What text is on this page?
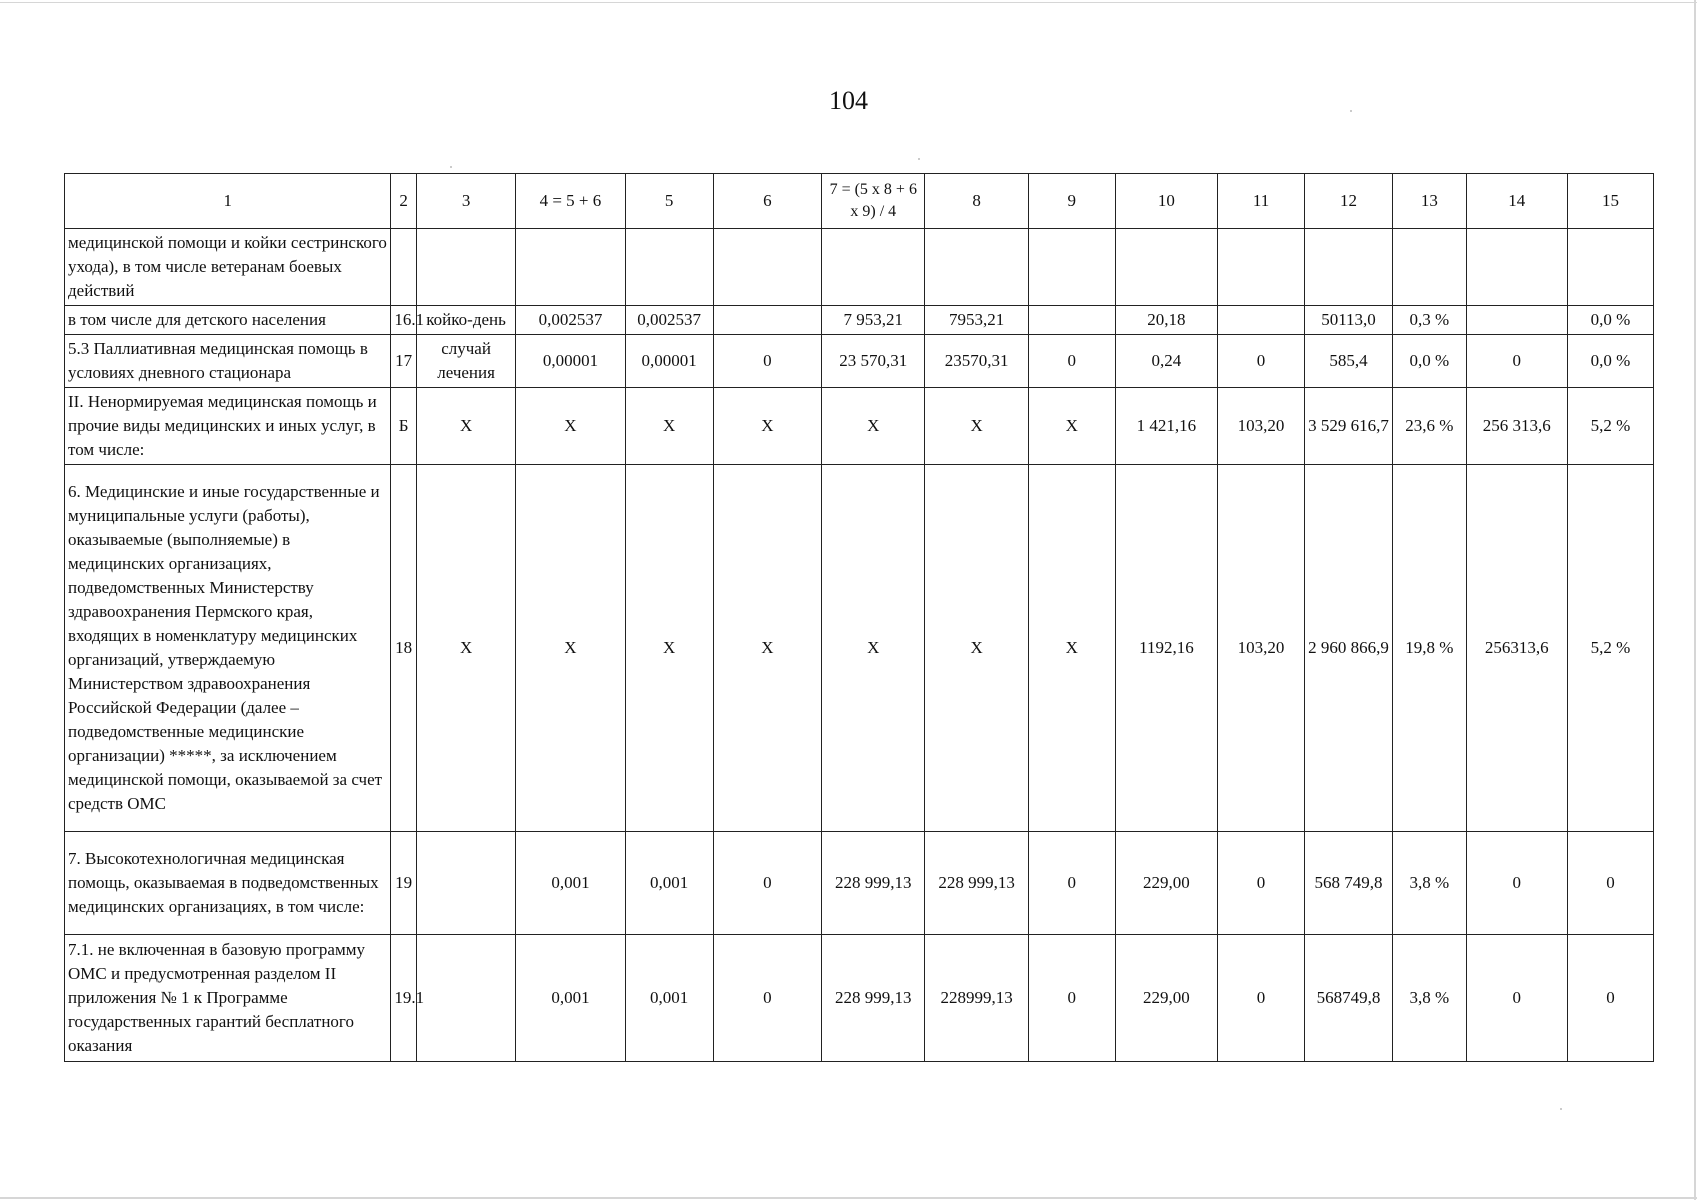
104
1	2	3	4 = 5 + 6	5	6	7 = (5 х 8 + 6 х 9) / 4	8	9	10	11	12	13	14	15
медицинской помощи и койки сестринского ухода), в том числе ветеранам боевых действий														
в том числе для детского населения	16.1	койко-день	0,002537	0,002537		7 953,21	7953,21		20,18		50113,0	0,3 %		0,0 %
5.3 Паллиативная медицинская помощь в условиях дневного стационара	17	случай лечения	0,00001	0,00001	0	23 570,31	23570,31	0	0,24	0	585,4	0,0 %	0	0,0 %
II. Ненормируемая медицинская помощь и прочие виды медицинских и иных услуг, в том числе:	Б	Х	Х	Х	Х	Х	Х	Х	1 421,16	103,20	3 529 616,7	23,6 %	256 313,6	5,2 %
6. Медицинские и иные государственные и муниципальные услуги (работы), оказываемые (выполняемые) в медицинских организациях, подведомственных Министерству здравоохранения Пермского края, входящих в номенклатуру медицинских организаций, утверждаемую Министерством здравоохранения Российской Федерации (далее – подведомственные медицинские организации) *****, за исключением медицинской помощи, оказываемой за счет средств ОМС	18	Х	Х	Х	Х	Х	Х	Х	1192,16	103,20	2 960 866,9	19,8 %	256313,6	5,2 %
7. Высокотехнологичная медицинская помощь, оказываемая в подведомственных медицинских организациях, в том числе:	19		0,001	0,001	0	228 999,13	228 999,13	0	229,00	0	568 749,8	3,8 %	0	0
7.1. не включенная в базовую программу ОМС и предусмотренная разделом II приложения № 1 к Программе государственных гарантий бесплатного оказания	19.1		0,001	0,001	0	228 999,13	228999,13	0	229,00	0	568749,8	3,8 %	0	0
